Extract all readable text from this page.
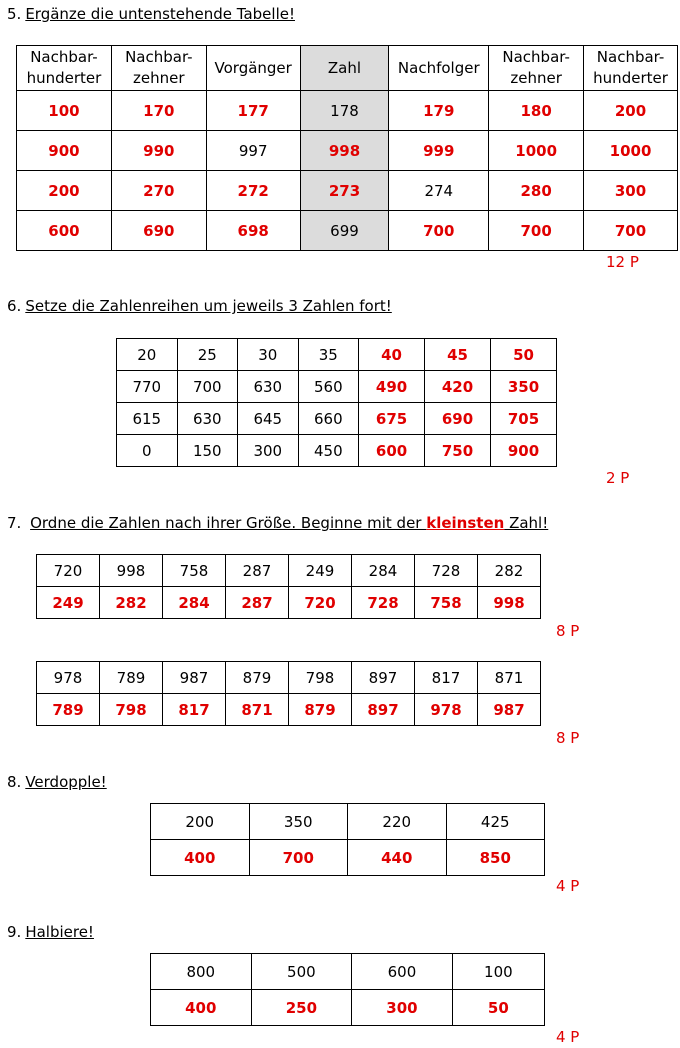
5. Ergänze die untenstehende Tabelle!
Nachbar-
hunderter	Nachbar-
zehner	Vorgänger	Zahl	Nachfolger	Nachbar-
zehner	Nachbar-
hunderter
100	170	177	178	179	180	200
900	990	997	998	999	1000	1000
200	270	272	273	274	280	300
600	690	698	699	700	700	700
12 P
6. Setze die Zahlenreihen um jeweils 3 Zahlen fort!
20	25	30	35	40	45	50
770	700	630	560	490	420	350
615	630	645	660	675	690	705
0	150	300	450	600	750	900
2 P
7. Ordne die Zahlen nach ihrer Größe. Beginne mit der kleinsten Zahl!
720	998	758	287	249	284	728	282
249	282	284	287	720	728	758	998
8 P
978	789	987	879	798	897	817	871
789	798	817	871	879	897	978	987
8 P
8. Verdopple!
200	350	220	425
400	700	440	850
4 P
9. Halbiere!
800	500	600	100
400	250	300	50
4 P
